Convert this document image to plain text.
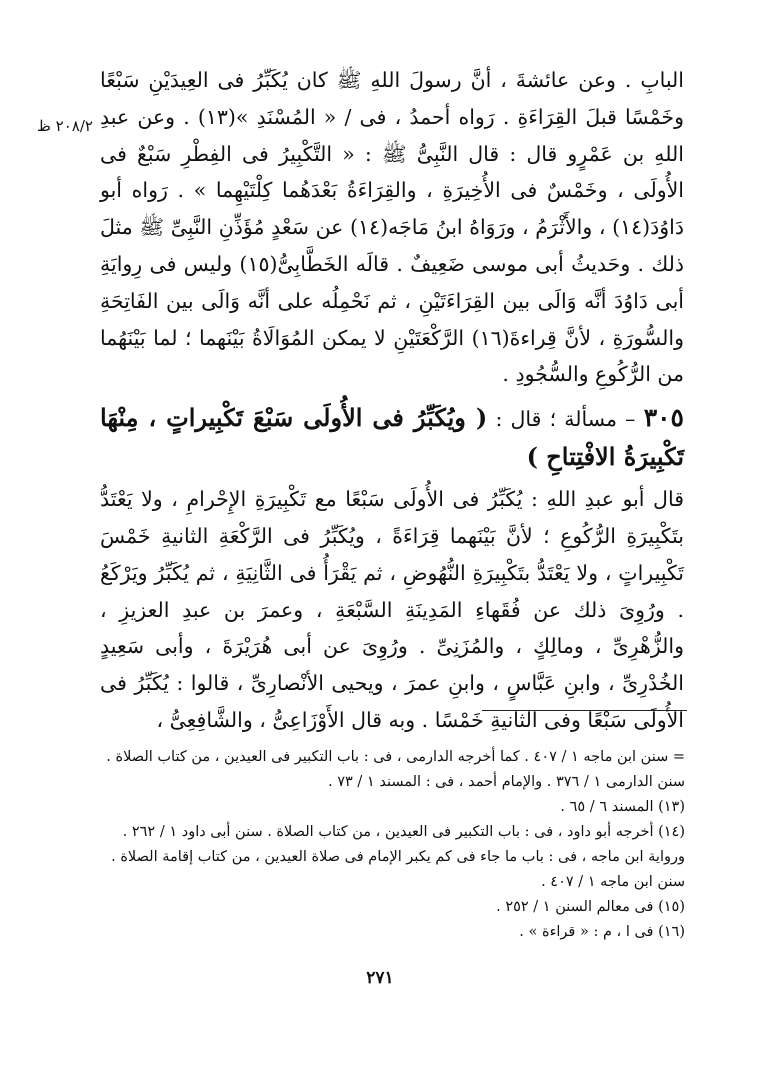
٢٠٨/٢ ظ

البابِ . وعن عائشةَ ، أنَّ رسولَ اللهِ ﷺ كان يُكَبِّرُ فى العِيدَيْنِ سَبْعًا وخَمْسًا قبلَ القِرَاءَةِ . رَواه أحمدُ ، فى / « المُسْنَدِ »(١٣) . وعن عبدِ اللهِ بن عَمْرٍو قال : قال النَّبِىُّ ﷺ : « التَّكْبِيرُ فى الفِطْرِ سَبْعٌ فى الأُولَى ، وخَمْسٌ فى الأُخِيرَةِ ، والقِرَاءَةُ بَعْدَهُما كِلْتَيْهِما » . رَواه أبو دَاوُدَ(١٤) ، والأَثْرَمُ ، ورَوَاهُ ابنُ مَاجَه(١٤) عن سَعْدٍ مُؤَذِّنِ النَّبِىِّ ﷺ مثلَ ذلك . وحَديثُ أبى موسى ضَعِيفٌ . قالَه الخَطَّابِىُّ(١٥) وليس فى رِوايَةِ أبى دَاوُدَ أنَّه وَالَى بين القِرَاءَتَيْنِ ، ثم نَحْمِلُه على أنَّه وَالَى بين الفَاتِحَةِ والسُّورَةِ ، لأنَّ قِراءةَ(١٦) الرَّكْعَتَيْنِ لا يمكن المُوَالَاةُ بَيْنَهما ؛ لما بَيْنَهُما من الرُّكُوعِ والسُّجُودِ .

٣٠٥ – مسألة ؛ قال : ( ويُكَبِّرُ فى الأُولَى سَبْعَ تَكْبِيراتٍ ، مِنْهَا تَكْبِيرَةُ الافْتِتاحِ )

قال أبو عبدِ اللهِ : يُكَبِّرُ فى الأُولَى سَبْعًا مع تَكْبِيرَةِ الإِحْرامِ ، ولا يَعْتَدُّ بتَكْبِيرَةِ الرُّكُوعِ ؛ لأنَّ بَيْنَهما قِرَاءَةً ، ويُكَبِّرُ فى الرَّكْعَةِ الثانيةِ خَمْسَ تَكْبِيراتٍ ، ولا يَعْتَدُّ بتَكْبِيرَةِ النُّهُوضِ ، ثم يَقْرَأُ فى الثَّانِيَةِ ، ثم يُكَبِّرُ ويَرْكَعُ . ورُوِىَ ذلك عن فُقَهاءِ المَدِينَةِ السَّبْعَةِ ، وعمرَ بن عبدِ العزيزِ ، والزُّهْرِىِّ ، ومالِكٍ ، والمُزَنِىِّ . ورُوِىَ عن أبى هُرَيْرَةَ ، وأبى سَعِيدٍ الخُدْرِىِّ ، وابنِ عَبَّاسٍ ، وابنِ عمرَ ، ويحيى الأنْصارِىِّ ، قالوا : يُكَبِّرُ فى الأُولَى سَبْعًا وفى الثانيةِ خَمْسًا . وبه قال الأَوْزَاعِىُّ ، والشَّافِعِىُّ ،

= سنن ابن ماجه ١ / ٤٠٧ . كما أخرجه الدارمى ، فى : باب التكبير فى العيدين ، من كتاب الصلاة . سنن الدارمى ١ / ٣٧٦ . والإمام أحمد ، فى : المسند ١ / ٧٣ .

(١٣) المسند ٦ / ٦٥ .

(١٤) أخرجه أبو داود ، فى : باب التكبير فى العيدين ، من كتاب الصلاة . سنن أبى داود ١ / ٢٦٢ . ورواية ابن ماجه ، فى : باب ما جاء فى كم يكبر الإمام فى صلاة العيدين ، من كتاب إقامة الصلاة . سنن ابن ماجه ١ / ٤٠٧ .

(١٥) فى معالم السنن ١ / ٢٥٢ .

(١٦) فى ا ، م : « قراءة » .

٢٧١
